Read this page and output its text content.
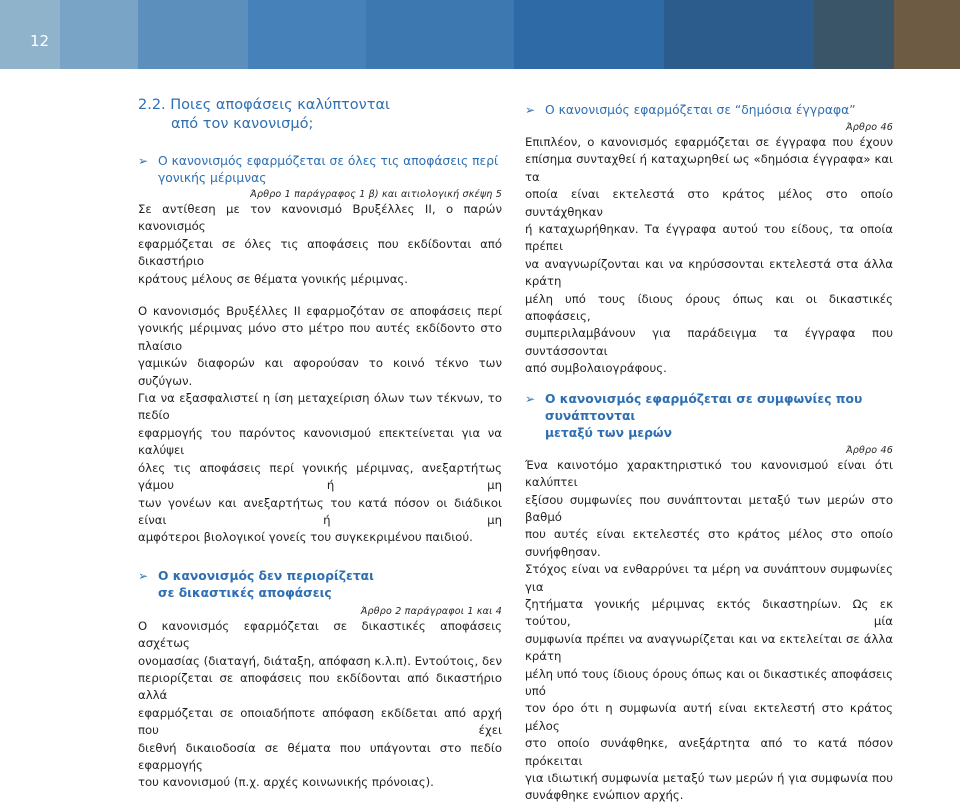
12
2.2. Ποιες αποφάσεις καλύπτονται
από τον κανονισμό;
➢ Ο κανονισμός εφαρμόζεται σε όλες τις αποφάσεις περί
γονικής μέριμνας
Άρθρο 1 παράγραφος 1 β) και αιτιολογική σκέψη 5
Σε αντίθεση με τον κανονισμό Βρυξέλλες II, ο παρών κανονισμός
εφαρμόζεται σε όλες τις αποφάσεις που εκδίδονται από δικαστήριο
κράτους μέλους σε θέματα γονικής μέριμνας.
Ο κανονισμός Βρυξέλλες II εφαρμοζόταν σε αποφάσεις περί
γονικής μέριμνας μόνο στο μέτρο που αυτές εκδίδοντο στο πλαίσιο
γαμικών διαφορών και αφορούσαν το κοινό τέκνο των συζύγων.
Για να εξασφαλιστεί η ίση μεταχείριση όλων των τέκνων, το πεδίο
εφαρμογής του παρόντος κανονισμού επεκτείνεται για να καλύψει
όλες τις αποφάσεις περί γονικής μέριμνας, ανεξαρτήτως γάμου ή μη
των γονέων και ανεξαρτήτως του κατά πόσον οι διάδικοι είναι ή μη
αμφότεροι βιολογικοί γονείς του συγκεκριμένου παιδιού.
➢ Ο κανονισμός δεν περιορίζεται
σε δικαστικές αποφάσεις
Άρθρο 2 παράγραφοι 1 και 4
Ο κανονισμός εφαρμόζεται σε δικαστικές αποφάσεις ασχέτως
ονομασίας (διαταγή, διάταξη, απόφαση κ.λ.π). Εντούτοις, δεν
περιορίζεται σε αποφάσεις που εκδίδονται από δικαστήριο αλλά
εφαρμόζεται σε οποιαδήποτε απόφαση εκδίδεται από αρχή που έχει
διεθνή δικαιοδοσία σε θέματα που υπάγονται στο πεδίο εφαρμογής
του κανονισμού (π.χ. αρχές κοινωνικής πρόνοιας).
➢ Ο κανονισμός εφαρμόζεται σε “δημόσια έγγραφα”
Άρθρο 46
Επιπλέον, ο κανονισμός εφαρμόζεται σε έγγραφα που έχουν
επίσημα συνταχθεί ή καταχωρηθεί ως «δημόσια έγγραφα» και τα
οποία είναι εκτελεστά στο κράτος μέλος στο οποίο συντάχθηκαν
ή καταχωρήθηκαν. Τα έγγραφα αυτού του είδους, τα οποία πρέπει
να αναγνωρίζονται και να κηρύσσονται εκτελεστά στα άλλα κράτη
μέλη υπό τους ίδιους όρους όπως και οι δικαστικές αποφάσεις,
συμπεριλαμβάνουν για παράδειγμα τα έγγραφα που συντάσσονται
από συμβολαιογράφους.
➢ Ο κανονισμός εφαρμόζεται σε συμφωνίες που συνάπτονται
μεταξύ των μερών
Άρθρο 46
Ένα καινοτόμο χαρακτηριστικό του κανονισμού είναι ότι καλύπτει
εξίσου συμφωνίες που συνάπτονται μεταξύ των μερών στο βαθμό
που αυτές είναι εκτελεστές στο κράτος μέλος στο οποίο συνήφθησαν.
Στόχος είναι να ενθαρρύνει τα μέρη να συνάπτουν συμφωνίες για
ζητήματα γονικής μέριμνας εκτός δικαστηρίων. Ως εκ τούτου, μία
συμφωνία πρέπει να αναγνωρίζεται και να εκτελείται σε άλλα κράτη
μέλη υπό τους ίδιους όρους όπως και οι δικαστικές αποφάσεις υπό
τον όρο ότι η συμφωνία αυτή είναι εκτελεστή στο κράτος μέλος
στο οποίο συνάφθηκε, ανεξάρτητα από το κατά πόσον πρόκειται
για ιδιωτική συμφωνία μεταξύ των μερών ή για συμφωνία που
συνάφθηκε ενώπιον αρχής.
